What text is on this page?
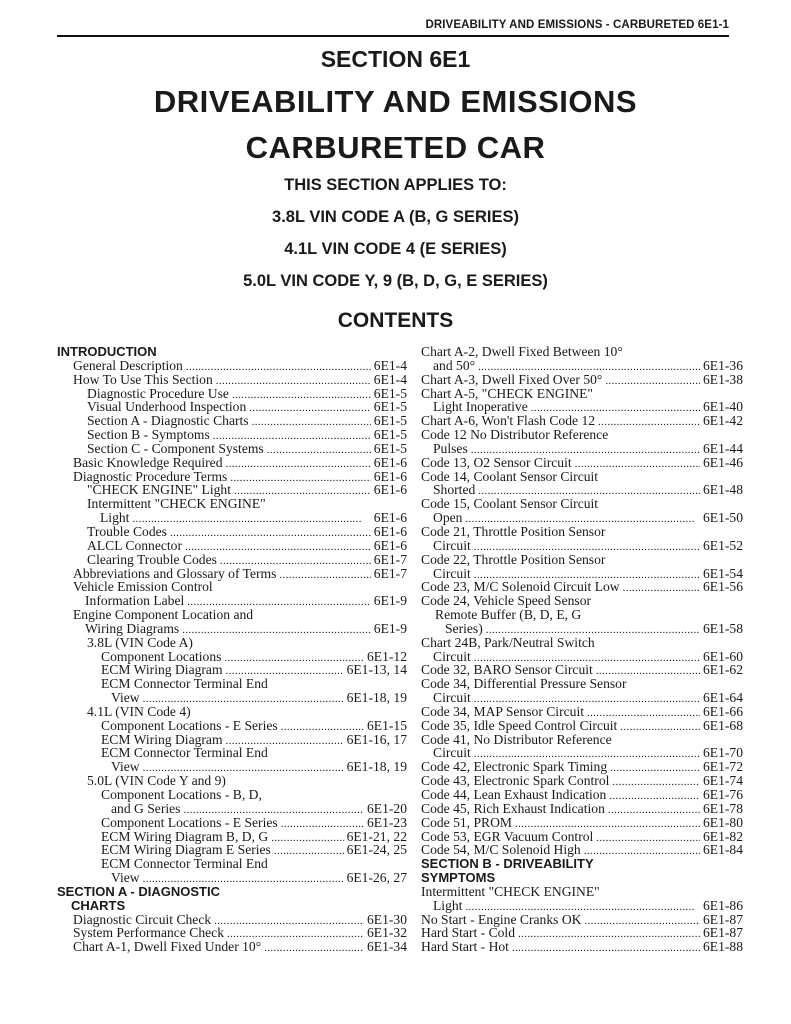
DRIVEABILITY AND EMISSIONS - CARBURETED 6E1-1
SECTION 6E1
DRIVEABILITY AND EMISSIONS
CARBURETED CAR
THIS SECTION APPLIES TO:
3.8L VIN CODE A (B, G SERIES)
4.1L VIN CODE 4 (E SERIES)
5.0L VIN CODE Y, 9 (B, D, G, E SERIES)
CONTENTS
INTRODUCTION
General Description . . .	6E1-4
How To Use This Section . . .	6E1-4
Diagnostic Procedure Use . . .	6E1-5
Visual Underhood Inspection . . .	6E1-5
Section A - Diagnostic Charts . . .	6E1-5
Section B - Symptoms . . .	6E1-5
Section C - Component Systems . . .	6E1-5
Basic Knowledge Required . . .	6E1-6
Diagnostic Procedure Terms . . .	6E1-6
"CHECK ENGINE" Light . . .	6E1-6
Intermittent "CHECK ENGINE"
Light . . .	6E1-6
Trouble Codes . . .	6E1-6
ALCL Connector . . .	6E1-6
Clearing Trouble Codes . . .	6E1-7
Abbreviations and Glossary of Terms . . .	6E1-7
Vehicle Emission Control
Information Label . . .	6E1-9
Engine Component Location and
Wiring Diagrams . . .	6E1-9
3.8L (VIN Code A)
Component Locations . . .	6E1-12
ECM Wiring Diagram . . .	6E1-13, 14
ECM Connector Terminal End
View . . .	6E1-18, 19
4.1L (VIN Code 4)
Component Locations - E Series . . .	6E1-15
ECM Wiring Diagram . . .	6E1-16, 17
ECM Connector Terminal End
View . . .	6E1-18, 19
5.0L (VIN Code Y and 9)
Component Locations - B, D,
and G Series . . .	6E1-20
Component Locations - E Series . . .	6E1-23
ECM Wiring Diagram B, D, G . . .	6E1-21, 22
ECM Wiring Diagram E Series . . .	6E1-24, 25
ECM Connector Terminal End
View . . .	6E1-26, 27
SECTION A - DIAGNOSTIC
CHARTS
Diagnostic Circuit Check . . .	6E1-30
System Performance Check . . .	6E1-32
Chart A-1, Dwell Fixed Under 10° . . .	6E1-34
Chart A-2, Dwell Fixed Between 10°
and 50° . . .	6E1-36
Chart A-3, Dwell Fixed Over 50° . . .	6E1-38
Chart A-5, "CHECK ENGINE"
Light Inoperative . . .	6E1-40
Chart A-6, Won't Flash Code 12 . . .	6E1-42
Code 12 No Distributor Reference
Pulses . . .	6E1-44
Code 13, O2 Sensor Circuit . . .	6E1-46
Code 14, Coolant Sensor Circuit
Shorted . . .	6E1-48
Code 15, Coolant Sensor Circuit
Open . . .	6E1-50
Code 21, Throttle Position Sensor
Circuit . . .	6E1-52
Code 22, Throttle Position Sensor
Circuit . . .	6E1-54
Code 23, M/C Solenoid Circuit Low . . .	6E1-56
Code 24, Vehicle Speed Sensor
Remote Buffer (B, D, E, G
Series) . . .	6E1-58
Chart 24B, Park/Neutral Switch
Circuit . . .	6E1-60
Code 32, BARO Sensor Circuit . . .	6E1-62
Code 34, Differential Pressure Sensor
Circuit . . .	6E1-64
Code 34, MAP Sensor Circuit . . .	6E1-66
Code 35, Idle Speed Control Circuit . . .	6E1-68
Code 41, No Distributor Reference
Circuit . . .	6E1-70
Code 42, Electronic Spark Timing . . .	6E1-72
Code 43, Electronic Spark Control . . .	6E1-74
Code 44, Lean Exhaust Indication . . .	6E1-76
Code 45, Rich Exhaust Indication . . .	6E1-78
Code 51, PROM . . .	6E1-80
Code 53, EGR Vacuum Control . . .	6E1-82
Code 54, M/C Solenoid High . . .	6E1-84
SECTION B - DRIVEABILITY
SYMPTOMS
Intermittent "CHECK ENGINE"
Light . . .	6E1-86
No Start - Engine Cranks OK . . .	6E1-87
Hard Start - Cold . . .	6E1-87
Hard Start - Hot . . .	6E1-88
